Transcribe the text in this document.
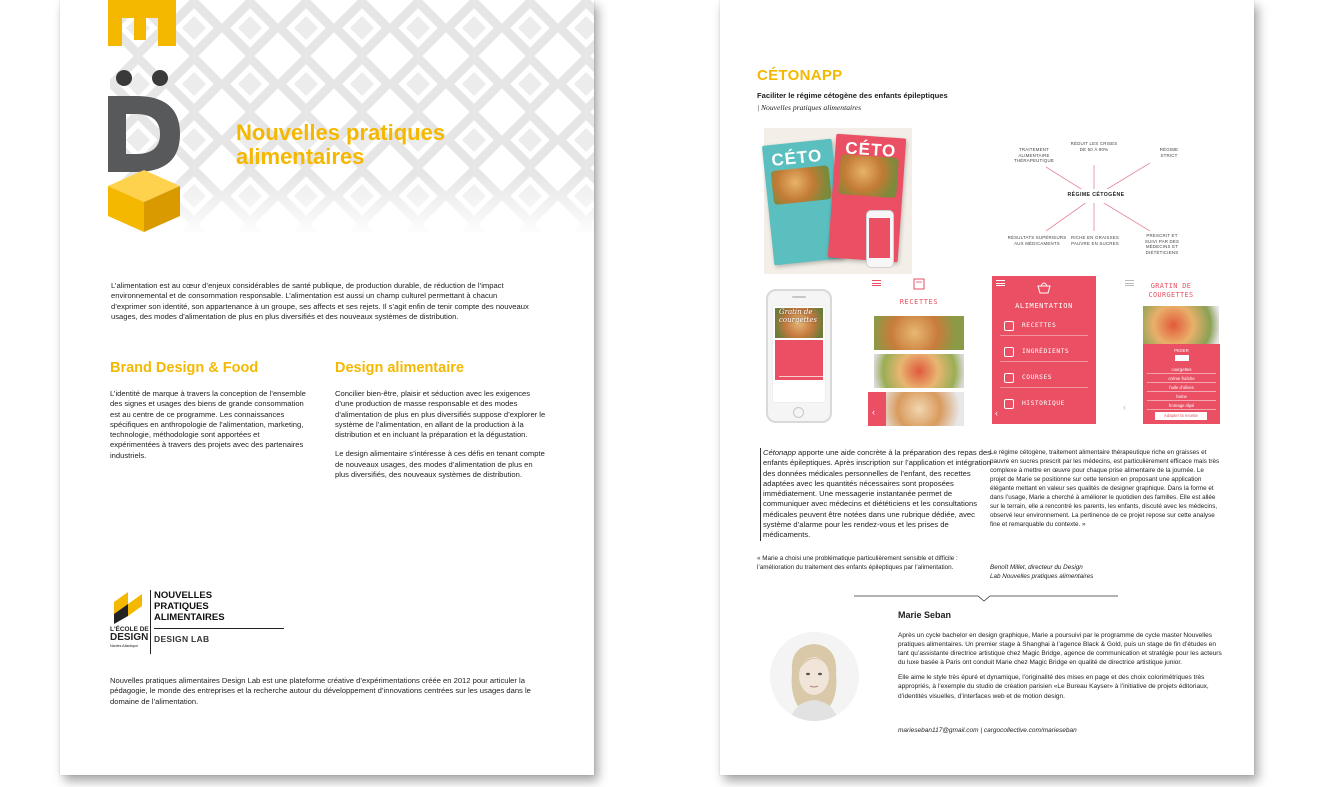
Nouvelles pratiques alimentaires
L’alimentation est au cœur d’enjeux considérables de santé publique, de production durable, de réduction de l’impact environnemental et de consommation responsable. L’alimentation est aussi un champ culturel permettant à chacun d’exprimer son identité, son appartenance à un groupe, ses affects et ses rejets. Il s’agit enfin de tenir compte des nouveaux usages, des modes d’alimentation de plus en plus diversifiés et des nouveaux systèmes de distribution.
Brand Design & Food
L’identité de marque à travers la conception de l’ensemble des signes et usages des biens de grande consommation est au centre de ce programme. Les connaissances spécifiques en anthropologie de l’alimentation, marketing, technologie, méthodologie sont apportées et expérimentées à travers des projets avec des partenaires industriels.
Design alimentaire

Concilier bien-être, plaisir et séduction avec les exigences d’une production de masse responsable et des modes d’alimentation de plus en plus diversifiés suppose d’explorer le système de l’alimentation, en allant de la production à la distribution et en incluant la préparation et la dégustation.

Le design alimentaire s’intéresse à ces défis en tenant compte de nouveaux usages, des modes d’alimentation de plus en plus diversifiés, des nouveaux systèmes de distribution.

L'ÉCOLE DE
DESIGN
Nantes Atlantique
NOUVELLES
PRATIQUES
ALIMENTAIRES
DESIGN LAB
Nouvelles pratiques alimentaires Design Lab est une plateforme créative d’expérimentations créée en 2012 pour articuler la pédagogie, le monde des entreprises et la recherche autour du développement d’innovations centrées sur les usages dans le domaine de l’alimentation.
CÉTONAPP
Faciliter le régime cétogène des enfants épileptiques
| Nouvelles pratiques alimentaires
CÉTO CÉTO	TRAITEMENT ALIMENTAIRE THÉRAPEUTIQUE
RÉDUIT LES CRISES DE 50 À 90%	RÉGIME STRICT
RÉGIME CÉTOGÈNE
RÉSULTATS SUPÉRIEURS AUX MÉDICAMENTS
RICHE EN GRAISSES PAUVRE EN SUCRES
PRESCRIT ET SUIVI PAR DES MÉDECINS ET DIÉTÉTICIENS
Gratin de courgettes
RECETTES
‹
ALIMENTATION
RECETTES
INGRÉDIENTS
COURSES
HISTORIQUE
‹
GRATIN DE COURGETTES
PESER
courgettes
crème fraîche
huile d'olives
farine
fromage râpé
Adapter la recette
‹
Cétonapp apporte une aide concrète à la préparation des repas des enfants épileptiques. Après inscription sur l’application et intégration des données médicales personnelles de l’enfant, des recettes adaptées avec les quantités nécessaires sont proposées immédiatement. Une messagerie instantanée permet de communiquer avec médecins et diététiciens et les consultations médicales peuvent être notées dans une rubrique dédiée, avec système d’alarme pour les rendez-vous et les prises de médicaments.
Le régime cétogène, traitement alimentaire thérapeutique riche en graisses et pauvre en sucres prescrit par les médecins, est particulièrement efficace mais très complexe à mettre en œuvre pour chaque prise alimentaire de la journée. Le projet de Marie se positionne sur cette tension en proposant une application élégante mettant en valeur ses qualités de designer graphique. Dans la forme et dans l’usage, Marie a cherché à améliorer le quotidien des familles. Elle est allée sur le terrain, elle a rencontré les parents, les enfants, discuté avec les médecins, observé leur environnement. La pertinence de ce projet repose sur cette analyse fine et remarquable du contexte. »
« Marie a choisi une problématique particulièrement sensible et difficile : l’amélioration du traitement des enfants épileptiques par l’alimentation.	Benoît Millet, directeur du Design
Lab Nouvelles pratiques alimentaires
Marie Seban

Après un cycle bachelor en design graphique, Marie a poursuivi par le programme de cycle master Nouvelles pratiques alimentaires. Un premier stage à Shanghai à l’agence Black & Gold, puis un stage de fin d’études en tant qu’assistante directrice artistique chez Magic Bridge, agence de communication et stratégie pour les acteurs du luxe basée à Paris ont conduit Marie chez Magic Bridge en qualité de directrice artistique junior.

Elle aime le style très épuré et dynamique, l’originalité des mises en page et des choix colorimétriques très appropriés, à l’exemple du studio de création parisien «Le Bureau Kayser» à l’initiative de projets éditoriaux, d’identités visuelles, d’interfaces web et de motion design.

marieseban117@gmail.com | cargocollective.com/marieseban
